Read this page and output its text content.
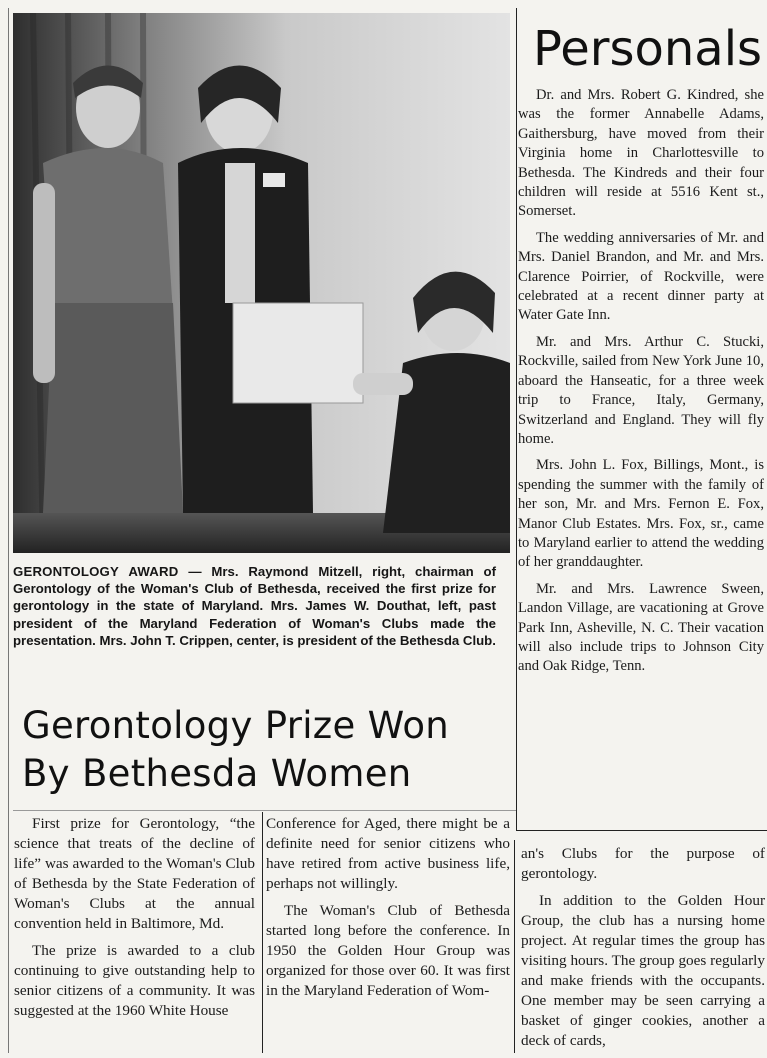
GERONTOLOGY AWARD — Mrs. Raymond Mitzell, right, chairman of Gerontology of the Woman's Club of Bethesda, received the first prize for gerontology in the state of Maryland. Mrs. James W. Douthat, left, past president of the Maryland Federation of Woman's Clubs made the presentation. Mrs. John T. Crippen, center, is president of the Bethesda Club.
Gerontology Prize Won
By Bethesda Women

First prize for Gerontology, “the science that treats of the decline of life” was awarded to the Woman's Club of Bethesda by the State Federation of Woman's Clubs at the annual convention held in Baltimore, Md.

The prize is awarded to a club continuing to give outstanding help to senior citizens of a community. It was suggested at the 1960 White House

Conference for Aged, there might be a definite need for senior citizens who have retired from active business life, perhaps not willingly.

The Woman's Club of Bethesda started long before the conference. In 1950 the Golden Hour Group was organized for those over 60. It was first in the Maryland Federation of Wom-

an's Clubs for the purpose of gerontology.

In addition to the Golden Hour Group, the club has a nursing home project. At regular times the group has visiting hours. The group goes regularly and make friends with the occupants. One member may be seen carrying a basket of ginger cookies, another a deck of cards,

Personals

Dr. and Mrs. Robert G. Kindred, she was the former Annabelle Adams, Gaithersburg, have moved from their Virginia home in Charlottesville to Bethesda. The Kindreds and their four children will reside at 5516 Kent st., Somerset.

The wedding anniversaries of Mr. and Mrs. Daniel Brandon, and Mr. and Mrs. Clarence Poirrier, of Rockville, were celebrated at a recent dinner party at Water Gate Inn.

Mr. and Mrs. Arthur C. Stucki, Rockville, sailed from New York June 10, aboard the Hanseatic, for a three week trip to France, Italy, Germany, Switzerland and England. They will fly home.

Mrs. John L. Fox, Billings, Mont., is spending the summer with the family of her son, Mr. and Mrs. Fernon E. Fox, Manor Club Estates. Mrs. Fox, sr., came to Maryland earlier to attend the wedding of her granddaughter.

Mr. and Mrs. Lawrence Sween, Landon Village, are vacationing at Grove Park Inn, Asheville, N. C. Their vacation will also include trips to Johnson City and Oak Ridge, Tenn.
